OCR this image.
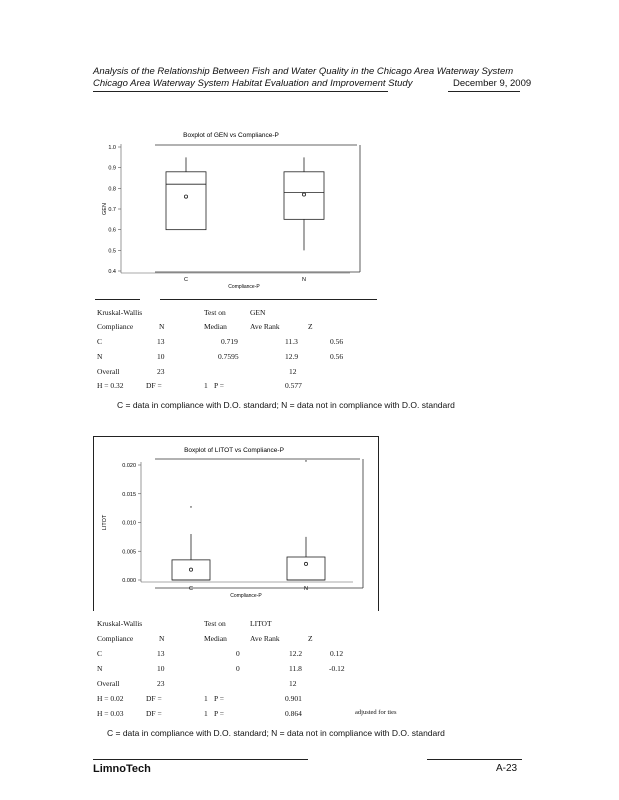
Analysis of the Relationship Between Fish and Water Quality in the Chicago Area Waterway System
Chicago Area Waterway System Habitat Evaluation and Improvement Study	December 9, 2009
Boxplot of GEN vs Compliance-P
0.4
0.5
0.6
0.7
0.8
0.9
1.0
GEN
C	N
Compliance-P
Kruskal-Wallis	Test on	GEN
Compliance	N	Median	Ave Rank	Z
C	13	0.719	11.3	0.56
N	10	0.7595	12.9	0.56
Overall	23	12
H = 0.32	DF =	1 P =	0.577
C = data in compliance with D.O. standard; N = data not in compliance with D.O. standard
Boxplot of LITOT vs Compliance-P
0.000
0.005
0.010
0.015
0.020
LITOT
*
C
*
N
Compliance-P
Kruskal-Wallis	Test on	LITOT
Compliance	N	Median	Ave Rank	Z
C	13	0	12.2	0.12
N	10	0	11.8	-0.12
Overall	23	12
H = 0.02	DF =	1 P =	0.901
H = 0.03	DF =	1 P =	0.864	adjusted for ties
C = data in compliance with D.O. standard; N = data not in compliance with D.O. standard
LimnoTech	A-23
